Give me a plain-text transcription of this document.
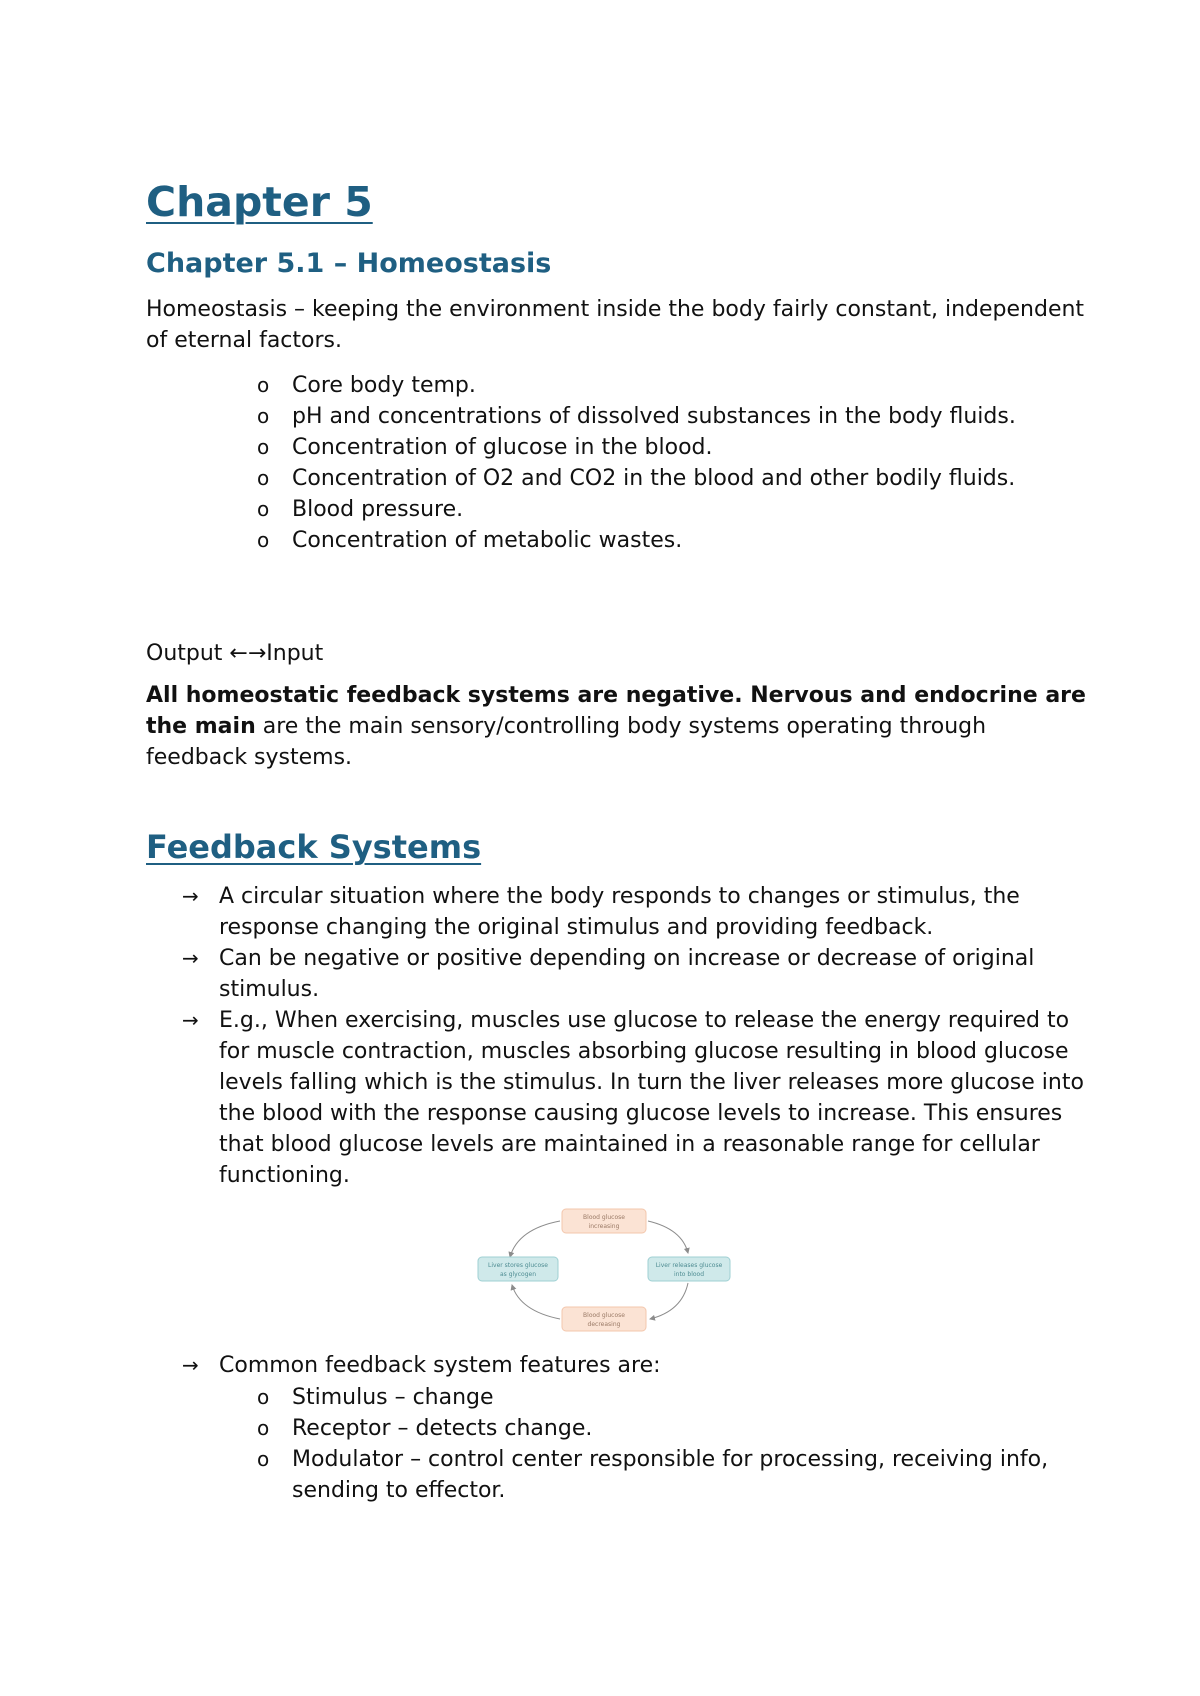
Chapter 5
Chapter 5.1 – Homeostasis

Homeostasis – keeping the environment inside the body fairly constant, independent of eternal factors.

o Core body temp.
o pH and concentrations of dissolved substances in the body fluids.
o Concentration of glucose in the blood.
o Concentration of O2 and CO2 in the blood and other bodily fluids.
o Blood pressure.
o Concentration of metabolic wastes.

Output ←→Input

All homeostatic feedback systems are negative. Nervous and endocrine are the main are the main sensory/controlling body systems operating through feedback systems.

Feedback Systems
→ A circular situation where the body responds to changes or stimulus, the response changing the original stimulus and providing feedback.
→ Can be negative or positive depending on increase or decrease of original stimulus.
→ E.g., When exercising, muscles use glucose to release the energy required to for muscle contraction, muscles absorbing glucose resulting in blood glucose levels falling which is the stimulus. In turn the liver releases more glucose into the blood with the response causing glucose levels to increase. This ensures that blood glucose levels are maintained in a reasonable range for cellular functioning.
Blood glucose
increasing
Liver releases glucose
into blood
Blood glucose
decreasing
Liver stores glucose
as glycogen
→ Common feedback system features are:
o Stimulus – change
o Receptor – detects change.
o Modulator – control center responsible for processing, receiving info, sending to effector.
